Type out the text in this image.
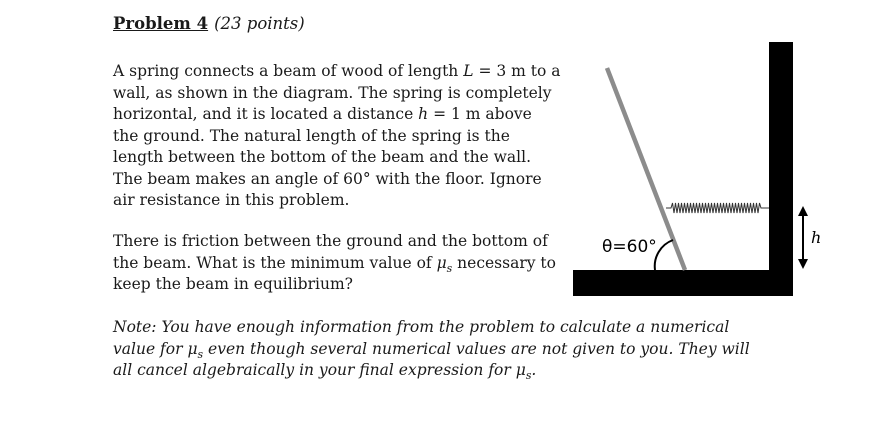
Problem 4 (23 points)

A spring connects a beam of wood of length L = 3 m to a wall, as shown in the diagram. The spring is completely horizontal, and it is located a distance h = 1 m above the ground. The natural length of the spring is the length between the bottom of the beam and the wall. The beam makes an angle of 60° with the floor. Ignore air resistance in this problem.

There is friction between the ground and the bottom of the beam. What is the minimum value of $\mu_s$ necessary to keep the beam in equilibrium?

Note: You have enough information from the problem to calculate a numerical value for $\mu_s$ even though several numerical values are not given to you. They will all cancel algebraically in your final expression for $\mu_s$.

θ=60°	h
